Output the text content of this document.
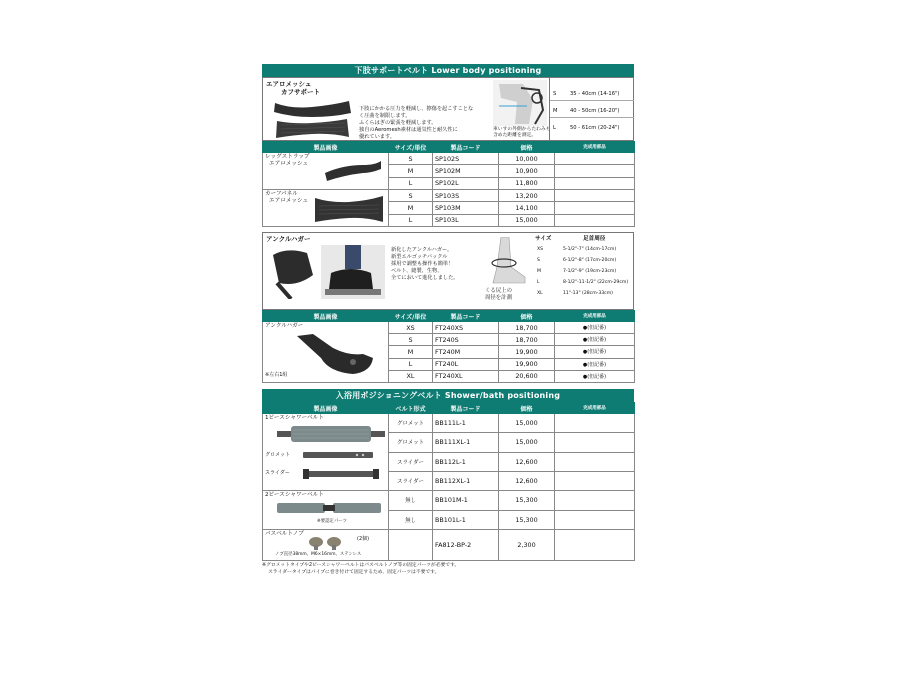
下肢サポートベルト Lower body positioning
エアロメッシュ
カフサポート
下肢にかかる圧力を軽減し、擦傷を起こすことな
く圧曲を制限します。
ふくらはぎの緊張を軽減します。
独自のAeromesh素材は通気性と耐久性に
優れています。
車いすの外側からたわみも
含めた距離を測定。
S	35 - 40cm (14-16")
M 40 - 50cm (16-20")
L	50 - 61cm (20-24")
製品画像	サイズ/単位	製品コード	価格	完成用部品

レッグストラップ
エアロメッシュ	S	SP102S	10,000	
	M	SP102M	10,900	
	L	SP102L	11,800	

カーフパネル
エアロメッシュ	S	SP103S	13,200	
	M	SP103M	14,100	
	L	SP103L	15,000	
アンクルハガー
新化したアンクルハガー。
新型エルゴッチバックル
採用で調整も操作も簡単！
ベルト、縫製、生物、
全てにおいて進化しました。
くる尻上の
周径を計測
サイズ	足首周径
XS	5-1/2"-7" (14cm-17cm)
S	6-1/2"-8" (17cm-20cm)
M	7-1/2"-9" (19cm-23cm)
L	8-1/2"-11-1/2" (22cm-29cm)
XL	11"-13" (28cm-33cm)
製品画像	サイズ/単位	製品コード	価格	完成用部品

アンクルハガー
※左右1組	XS	FT240XS	18,700	●(但記番)
	S	FT240S	18,700	●(但記番)
	M	FT240M	19,900	●(但記番)
	L	FT240L	19,900	●(但記番)
	XL	FT240XL	20,600	●(但記番)
入浴用ポジショニングベルト Shower/bath positioning
製品画像	ベルト形式	製品コード	価格	完成用部品

1ピースシャワーベルト
グロメット
スライダー	グロメット	BB111L-1	15,000	
	グロメット	BB111XL-1	15,000	
	スライダー	BB112L-1	12,600	
	スライダー	BB112XL-1	12,600	

2ピースシャワーベルト
※要認定パーツ	無し	BB101M-1	15,300	
	無し	BB101L-1	15,300	

バスベルトノブ
(2個)
ノブ直径38mm、M6×16mm、ステンレス		FA812-BP-2	2,300	
※グロメットタイプや2ピースシャワーベルトはバスベルトノブ等の固定パーツが必要です。
スライダータイプはパイプに巻き付けて固定するため、固定パーツは不要です。
